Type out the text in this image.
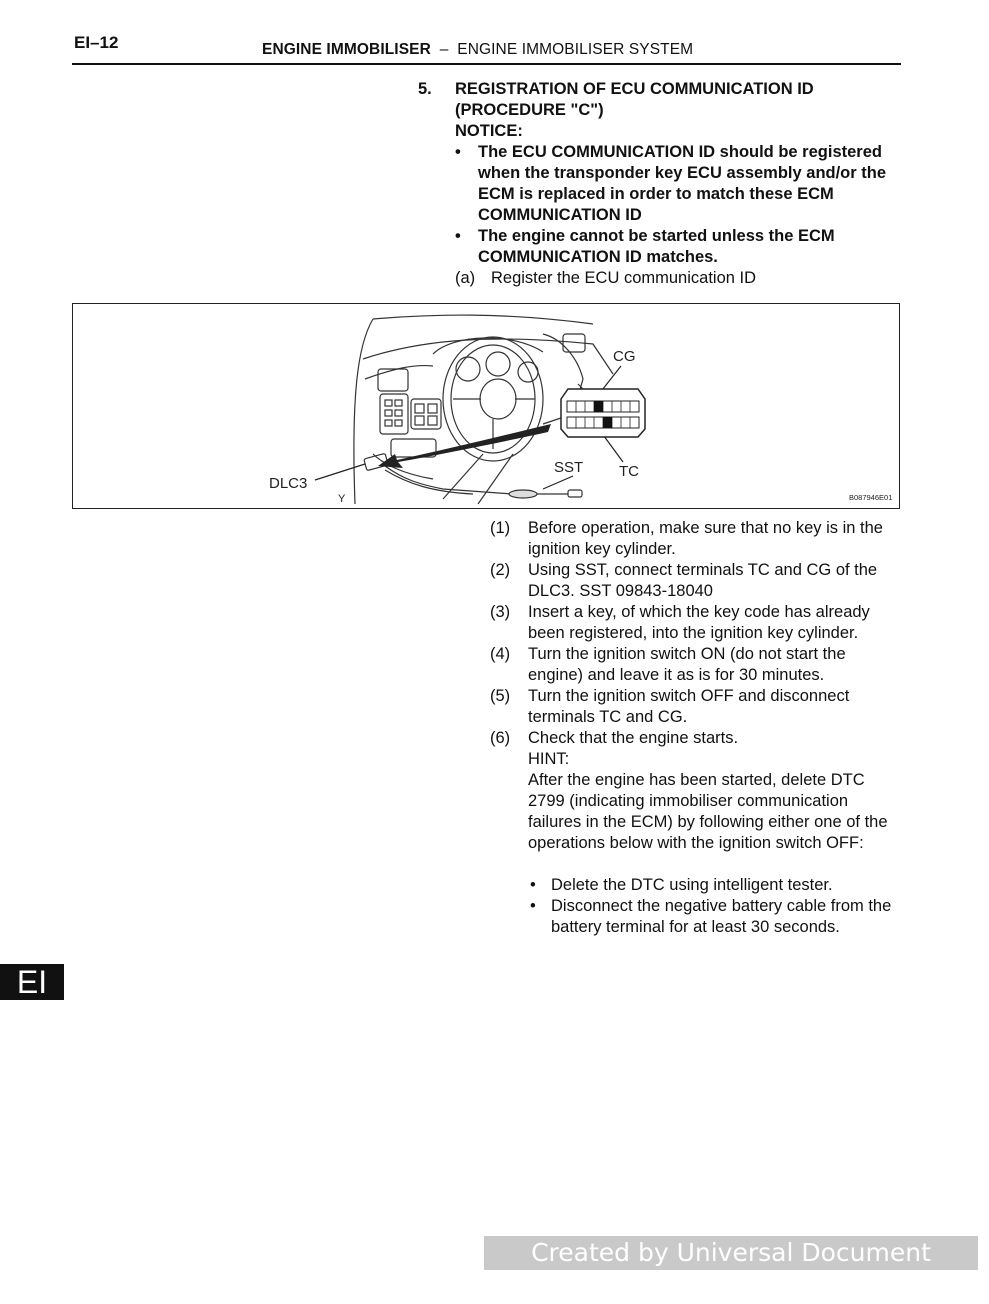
EI–12	ENGINE IMMOBILISER – ENGINE IMMOBILISER SYSTEM
5. REGISTRATION OF ECU COMMUNICATION ID (PROCEDURE "C")
NOTICE:
• The ECU COMMUNICATION ID should be registered when the transponder key ECU assembly and/or the ECM is replaced in order to match these ECM COMMUNICATION ID
• The engine cannot be started unless the ECM COMMUNICATION ID matches.
(a) Register the ECU communication ID
CG
TC
SST
DLC3
Y	B087946E01
(1) Before operation, make sure that no key is in the ignition key cylinder.
(2) Using SST, connect terminals TC and CG of the DLC3. SST 09843-18040
(3) Insert a key, of which the key code has already been registered, into the ignition key cylinder.
(4) Turn the ignition switch ON (do not start the engine) and leave it as is for 30 minutes.
(5) Turn the ignition switch OFF and disconnect terminals TC and CG.
(6) Check that the engine starts.
HINT:
After the engine has been started, delete DTC 2799 (indicating immobiliser communication failures in the ECM) by following either one of the operations below with the ignition switch OFF:
• Delete the DTC using intelligent tester.
• Disconnect the negative battery cable from the battery terminal for at least 30 seconds.
EI
Created by Universal Document Converter
